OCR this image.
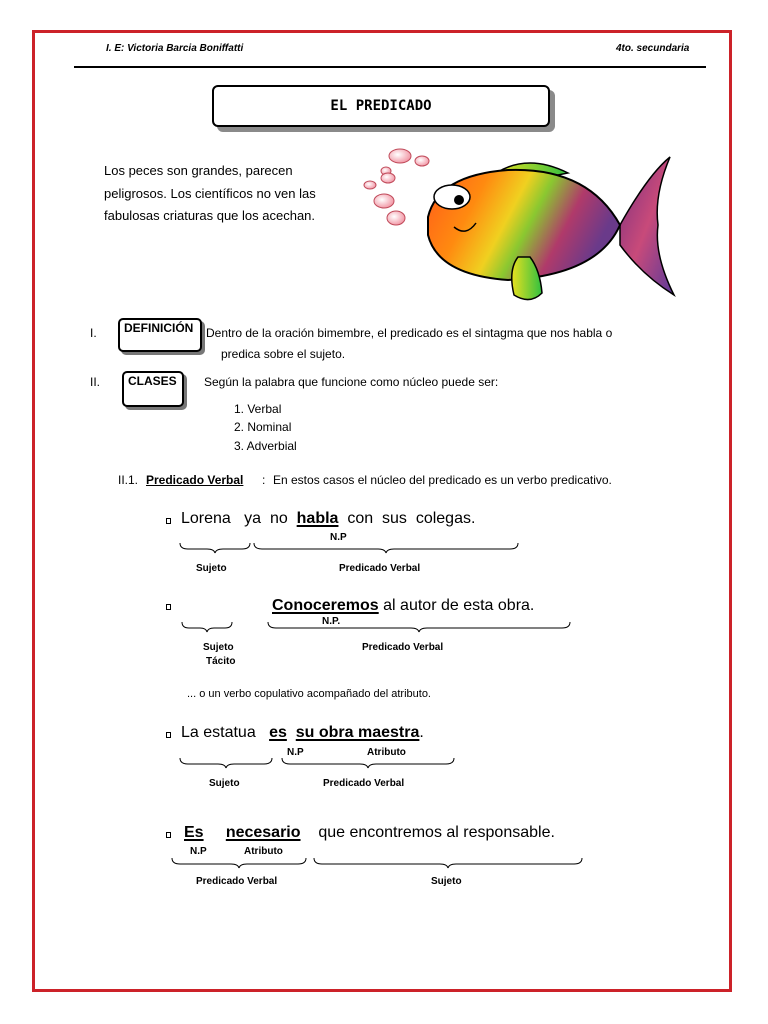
I. E: Victoria Barcia Boniffatti	4to. secundaria
EL PREDICADO
Los peces son grandes, parecen peligrosos. Los científicos no ven las fabulosas criaturas que los acechan.
I.	DEFINICIÓN	Dentro de la oración bimembre, el predicado es el sintagma que nos habla o
predica sobre el sujeto.
II.	CLASES	Según la palabra que funcione como núcleo puede ser:
1. Verbal
2. Nominal
3. Adverbial
II.1. Predicado Verbal : En estos casos el núcleo del predicado es un verbo predicativo.
Lorena ya no habla con sus colegas.
N.P
Sujeto	Predicado Verbal
Conoceremos al autor de esta obra.
N.P.
Sujeto
Tácito
Predicado Verbal
... o un verbo copulativo acompañado del atributo.
La estatua es su obra maestra.
N.P	Atributo
Sujeto	Predicado Verbal
Es necesario que encontremos al responsable.
N.P	Atributo
Predicado Verbal	Sujeto
